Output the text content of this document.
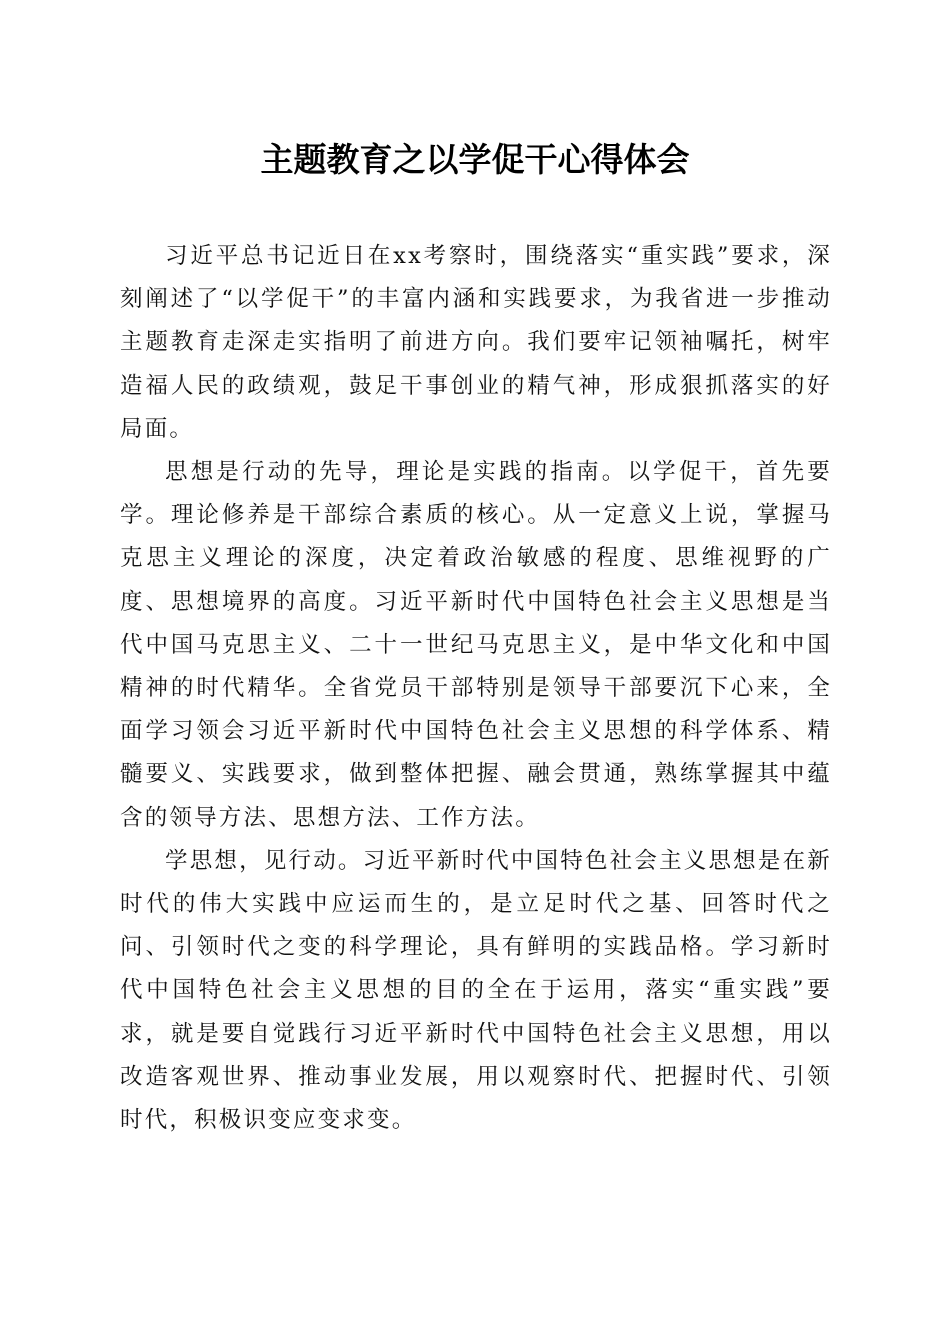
主题教育之以学促干心得体会

习近平总书记近日在xx考察时，围绕落实“重实践”要求，深刻阐述了“以学促干”的丰富内涵和实践要求，为我省进一步推动主题教育走深走实指明了前进方向。我们要牢记领袖嘱托，树牢造福人民的政绩观，鼓足干事创业的精气神，形成狠抓落实的好局面。

思想是行动的先导，理论是实践的指南。以学促干，首先要学。理论修养是干部综合素质的核心。从一定意义上说，掌握马克思主义理论的深度，决定着政治敏感的程度、思维视野的广度、思想境界的高度。习近平新时代中国特色社会主义思想是当代中国马克思主义、二十一世纪马克思主义，是中华文化和中国精神的时代精华。全省党员干部特别是领导干部要沉下心来，全面学习领会习近平新时代中国特色社会主义思想的科学体系、精髓要义、实践要求，做到整体把握、融会贯通，熟练掌握其中蕴含的领导方法、思想方法、工作方法。

学思想，见行动。习近平新时代中国特色社会主义思想是在新时代的伟大实践中应运而生的，是立足时代之基、回答时代之问、引领时代之变的科学理论，具有鲜明的实践品格。学习新时代中国特色社会主义思想的目的全在于运用，落实“重实践”要求，就是要自觉践行习近平新时代中国特色社会主义思想，用以改造客观世界、推动事业发展，用以观察时代、把握时代、引领时代，积极识变应变求变。
